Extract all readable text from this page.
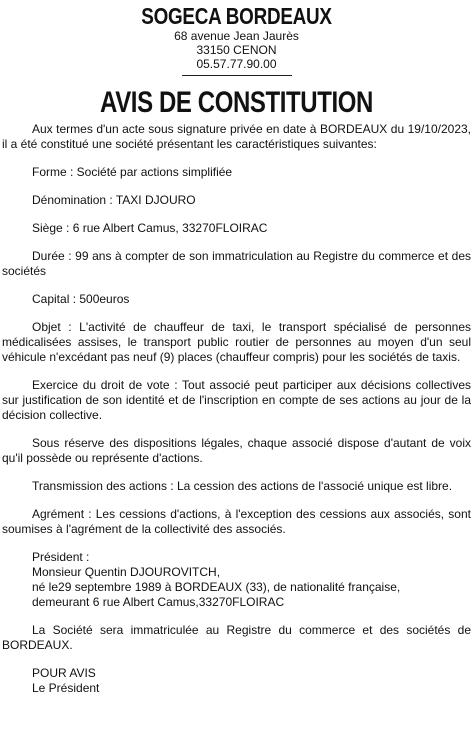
SOGECA BORDEAUX
68 avenue Jean Jaurès
33150 CENON
05.57.77.90.00
AVIS DE CONSTITUTION

Aux termes d'un acte sous signature privée en date à BORDEAUX du 19/10/2023, il a été constitué une société présentant les caractéristiques suivantes:

Forme : Société par actions simplifiée

Dénomination : TAXI DJOURO

Siège : 6 rue Albert Camus, 33270FLOIRAC

Durée : 99 ans à compter de son immatriculation au Registre du commerce et des sociétés

Capital : 500euros

Objet : L'activité de chauffeur de taxi, le transport spécialisé de personnes médicalisées assises, le transport public routier de personnes au moyen d'un seul véhicule n'excédant pas neuf (9) places (chauffeur compris) pour les sociétés de taxis.

Exercice du droit de vote : Tout associé peut participer aux décisions collectives sur justification de son identité et de l'inscription en compte de ses actions au jour de la décision collective.

Sous réserve des dispositions légales, chaque associé dispose d'autant de voix qu'il possède ou représente d'actions.

Transmission des actions : La cession des actions de l'associé unique est libre.

Agrément : Les cessions d'actions, à l'exception des cessions aux associés, sont soumises à l'agrément de la collectivité des associés.

Président :
Monsieur Quentin DJOUROVITCH,
né le29 septembre 1989 à BORDEAUX (33), de nationalité française,
demeurant 6 rue Albert Camus,33270FLOIRAC

La Société sera immatriculée au Registre du commerce et des sociétés de BORDEAUX.

POUR AVIS
Le Président
